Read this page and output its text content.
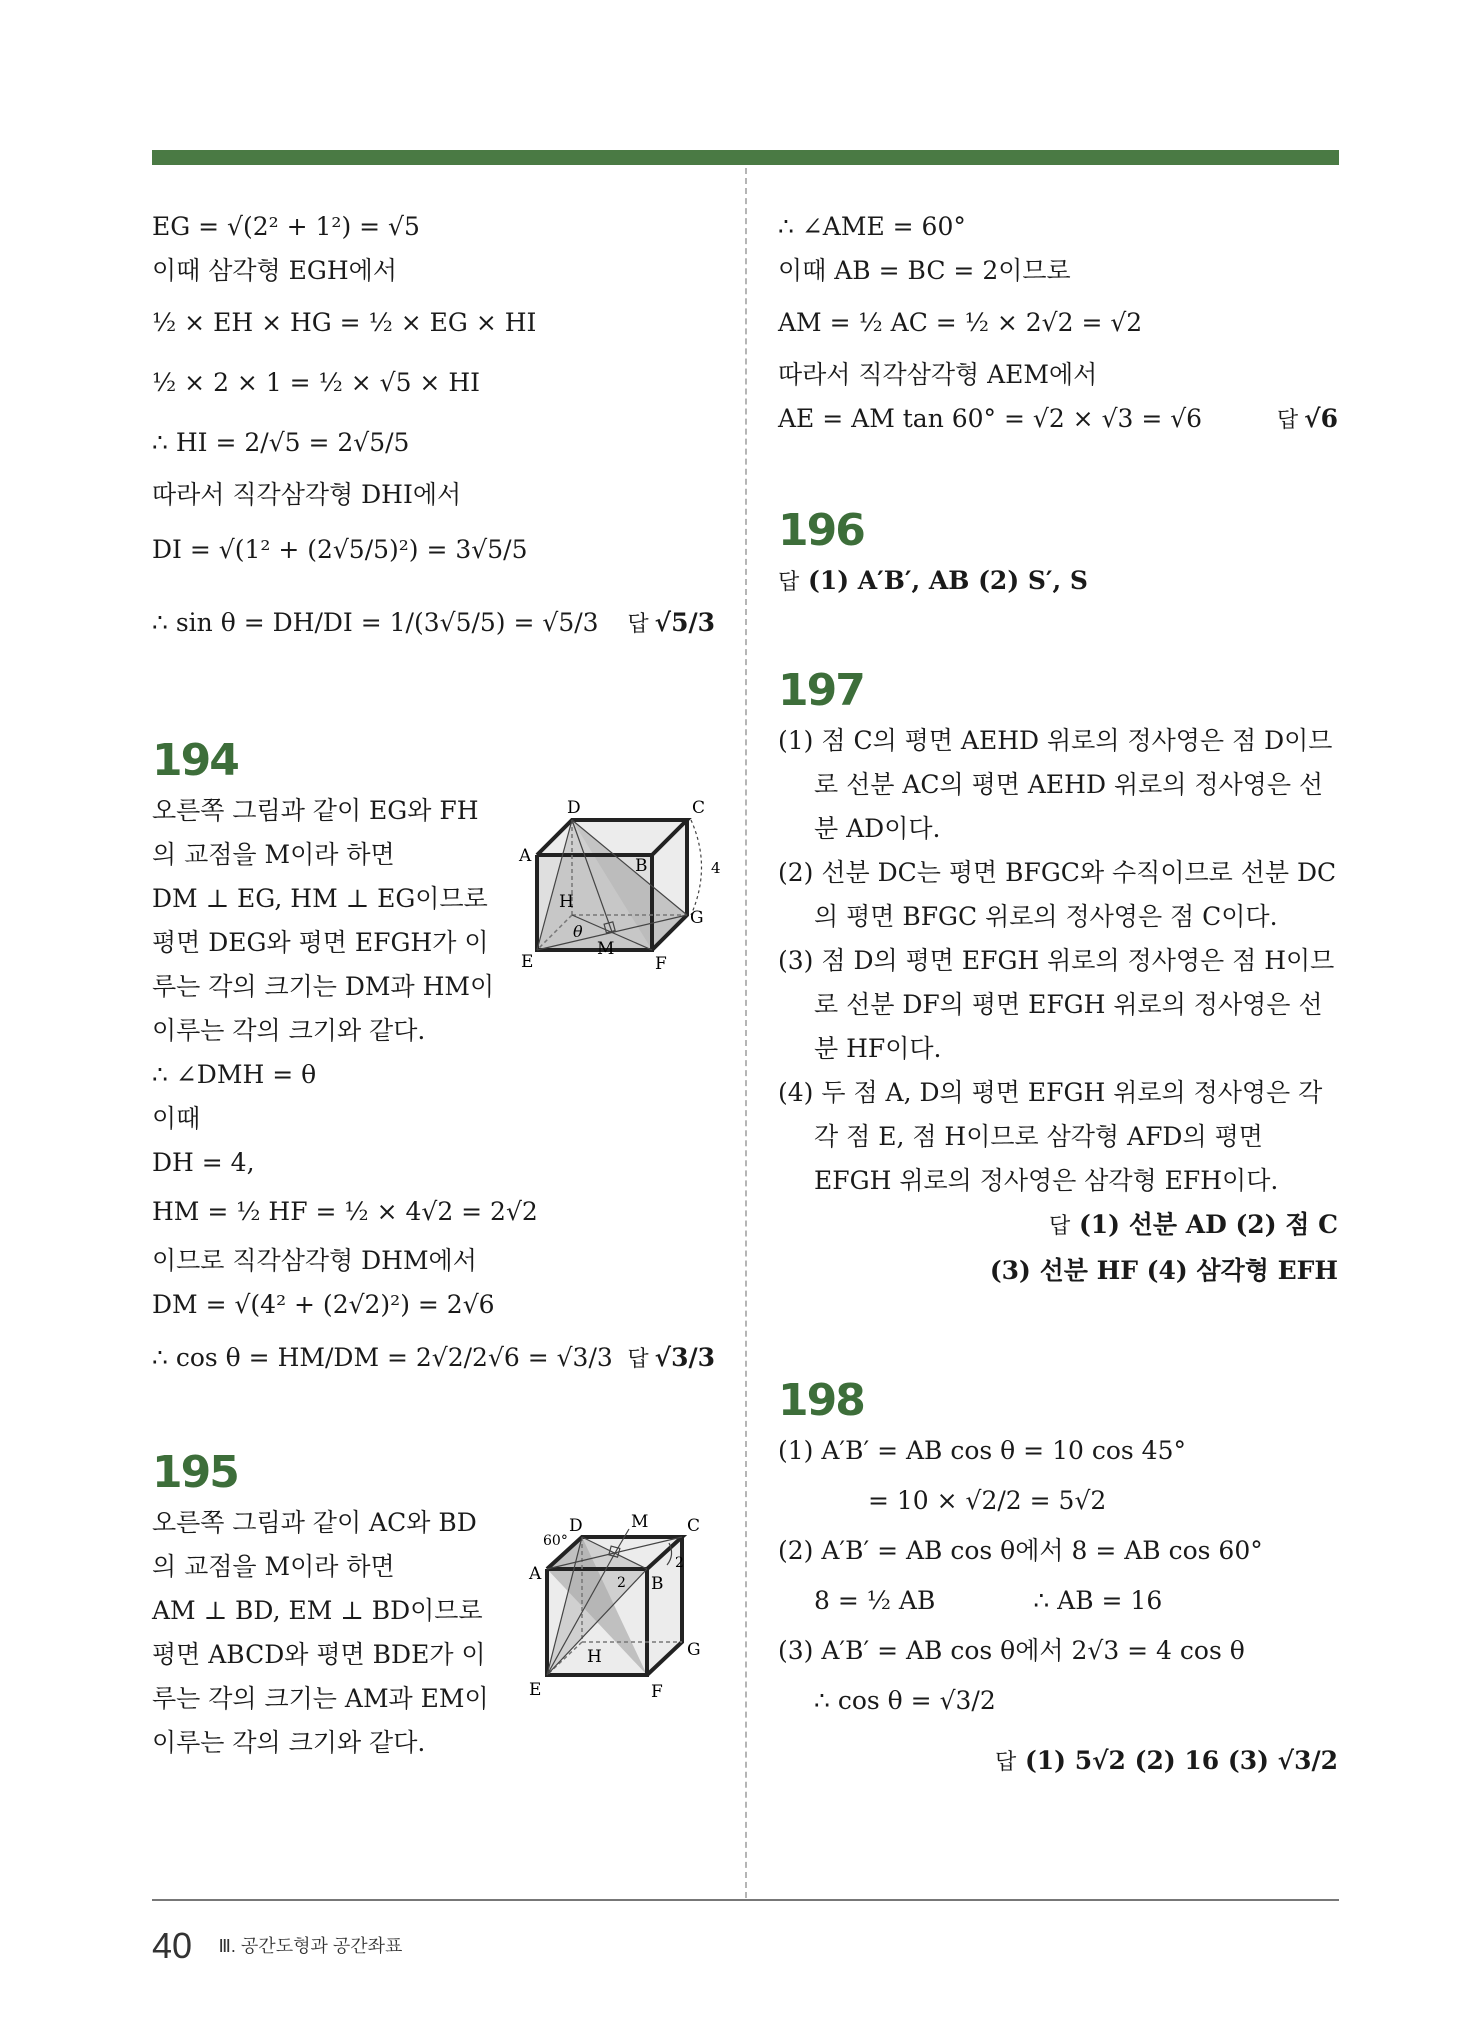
EG = √(2² + 1²) = √5
이때 삼각형 EGH에서
½ × EH × HG = ½ × EG × HI
½ × 2 × 1 = ½ × √5 × HI
∴ HI = 2/√5 = 2√5/5
따라서 직각삼각형 DHI에서
DI = √(1² + (2√5/5)²) = 3√5/5
∴ sin θ = DH/DI = 1/(3√5/5) = √5/3 답 √5/3
194
오른쪽 그림과 같이 EG와 FH의 교점을 M이라 하면
DM ⊥ EG, HM ⊥ EG이므로
평면 DEG와 평면 EFGH가 이루는 각의 크기는 DM과 HM이 이루는 각의 크기와 같다.
∴ ∠DMH = θ
이때
DH = 4,
HM = ½ HF = ½ × 4√2 = 2√2
이므로 직각삼각형 DHM에서
DM = √(4² + (2√2)²) = 2√6
∴ cos θ = HM/DM = 2√2/2√6 = √3/3 답 √3/3
D	C
A	B	4
H
G
θ
M
E	F
195
오른쪽 그림과 같이 AC와 BD의 교점을 M이라 하면
AM ⊥ BD, EM ⊥ BD이므로
평면 ABCD와 평면 BDE가 이루는 각의 크기는 AM과 EM이 이루는 각의 크기와 같다.
D	M C
60°
A
2
2 B
G
H
E	F
∴ ∠AME = 60°
이때 AB = BC = 2이므로
AM = ½ AC = ½ × 2√2 = √2
따라서 직각삼각형 AEM에서
AE = AM tan 60° = √2 × √3 = √6	답 √6
196
답 (1) A′B′, AB (2) S′, S
197
(1) 점 C의 평면 AEHD 위로의 정사영은 점 D이므로 선분 AC의 평면 AEHD 위로의 정사영은 선분 AD이다.
(2) 선분 DC는 평면 BFGC와 수직이므로 선분 DC의 평면 BFGC 위로의 정사영은 점 C이다.
(3) 점 D의 평면 EFGH 위로의 정사영은 점 H이므로 선분 DF의 평면 EFGH 위로의 정사영은 선분 HF이다.
(4) 두 점 A, D의 평면 EFGH 위로의 정사영은 각각 점 E, 점 H이므로 삼각형 AFD의 평면 EFGH 위로의 정사영은 삼각형 EFH이다.
답 (1) 선분 AD (2) 점 C
(3) 선분 HF (4) 삼각형 EFH
198
(1) A′B′ = AB cos θ = 10 cos 45°
= 10 × √2/2 = 5√2
(2) A′B′ = AB cos θ에서 8 = AB cos 60°
8 = ½ AB	∴ AB = 16
(3) A′B′ = AB cos θ에서 2√3 = 4 cos θ
∴ cos θ = √3/2
답 (1) 5√2 (2) 16 (3) √3/2
40 Ⅲ. 공간도형과 공간좌표
